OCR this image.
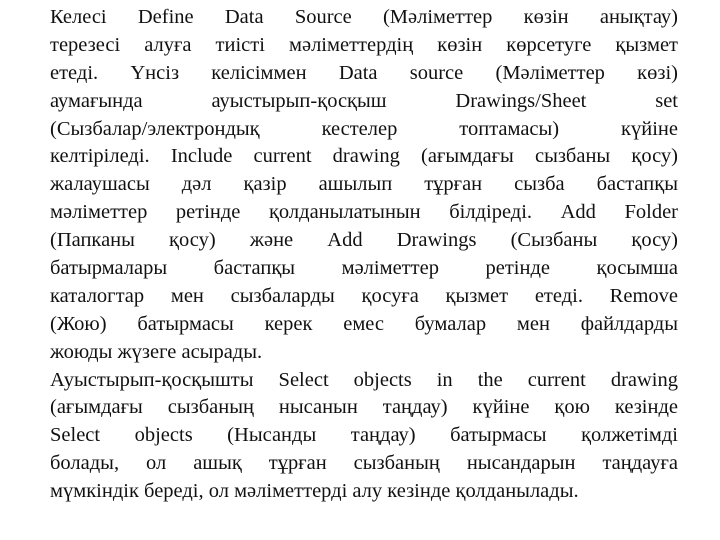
Келесі Define Data Source (Мәліметтер көзін анықтау)
терезесі алуға тиісті мәліметтердің көзін көрсетуге қызмет
етеді. Үнсіз келісіммен Data source (Мәліметтер көзі)
аумағында ауыстырып-қосқыш Drawings/Sheet set
(Сызбалар/электрондық кестелер топтамасы) күйіне
келтіріледі. Include current drawing (ағымдағы сызбаны қосу)
жалаушасы дәл қазір ашылып тұрған сызба бастапқы
мәліметтер ретінде қолданылатынын білдіреді. Add Folder
(Папканы қосу) және Add Drawings (Сызбаны қосу)
батырмалары бастапқы мәліметтер ретінде қосымша
каталогтар мен сызбаларды қосуға қызмет етеді. Remove
(Жою) батырмасы керек емес бумалар мен файлдарды
жоюды жүзеге асырады.
Ауыстырып-қосқышты Select objects in the current drawing
(ағымдағы сызбаның нысанын таңдау) күйіне қою кезінде
Select objects (Нысанды таңдау) батырмасы қолжетімді
болады, ол ашық тұрған сызбаның нысандарын таңдауға
мүмкіндік береді, ол мәліметтерді алу кезінде қолданылады.
